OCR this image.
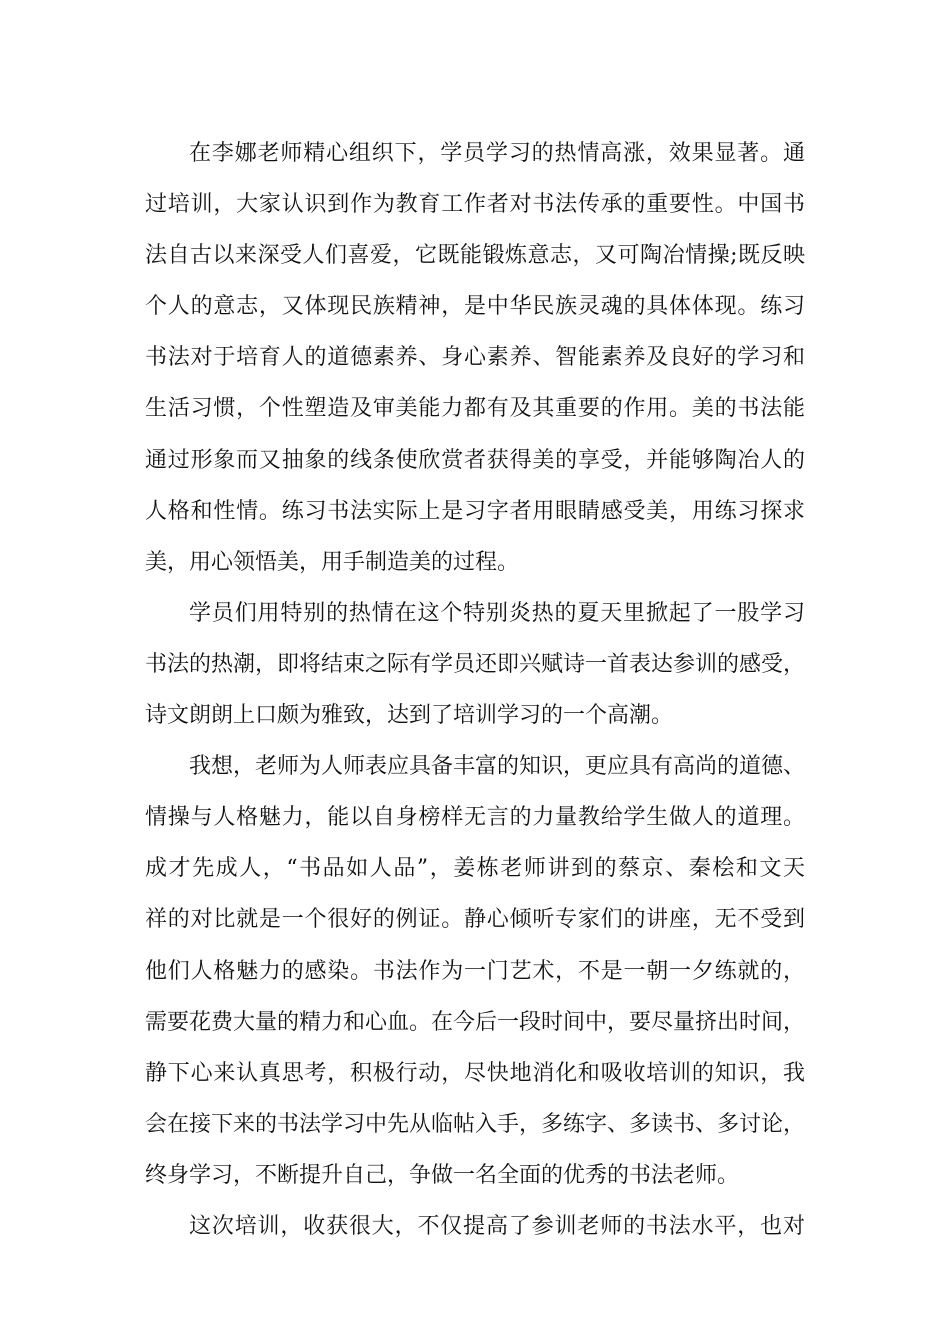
在李娜老师精心组织下，学员学习的热情高涨，效果显著。通
过培训，大家认识到作为教育工作者对书法传承的重要性。中国书
法自古以来深受人们喜爱，它既能锻炼意志，又可陶冶情操;既反映
个人的意志，又体现民族精神，是中华民族灵魂的具体体现。练习
书法对于培育人的道德素养、身心素养、智能素养及良好的学习和
生活习惯，个性塑造及审美能力都有及其重要的作用。美的书法能
通过形象而又抽象的线条使欣赏者获得美的享受，并能够陶冶人的
人格和性情。练习书法实际上是习字者用眼睛感受美，用练习探求
美，用心领悟美，用手制造美的过程。

学员们用特别的热情在这个特别炎热的夏天里掀起了一股学习
书法的热潮，即将结束之际有学员还即兴赋诗一首表达参训的感受，
诗文朗朗上口颇为雅致，达到了培训学习的一个高潮。

我想，老师为人师表应具备丰富的知识，更应具有高尚的道德、
情操与人格魅力，能以自身榜样无言的力量教给学生做人的道理。
成才先成人，“书品如人品”，姜栋老师讲到的蔡京、秦桧和文天
祥的对比就是一个很好的例证。静心倾听专家们的讲座，无不受到
他们人格魅力的感染。书法作为一门艺术，不是一朝一夕练就的，
需要花费大量的精力和心血。在今后一段时间中，要尽量挤出时间，
静下心来认真思考，积极行动，尽快地消化和吸收培训的知识，我
会在接下来的书法学习中先从临帖入手，多练字、多读书、多讨论，
终身学习，不断提升自己，争做一名全面的优秀的书法老师。

这次培训，收获很大，不仅提高了参训老师的书法水平，也对
